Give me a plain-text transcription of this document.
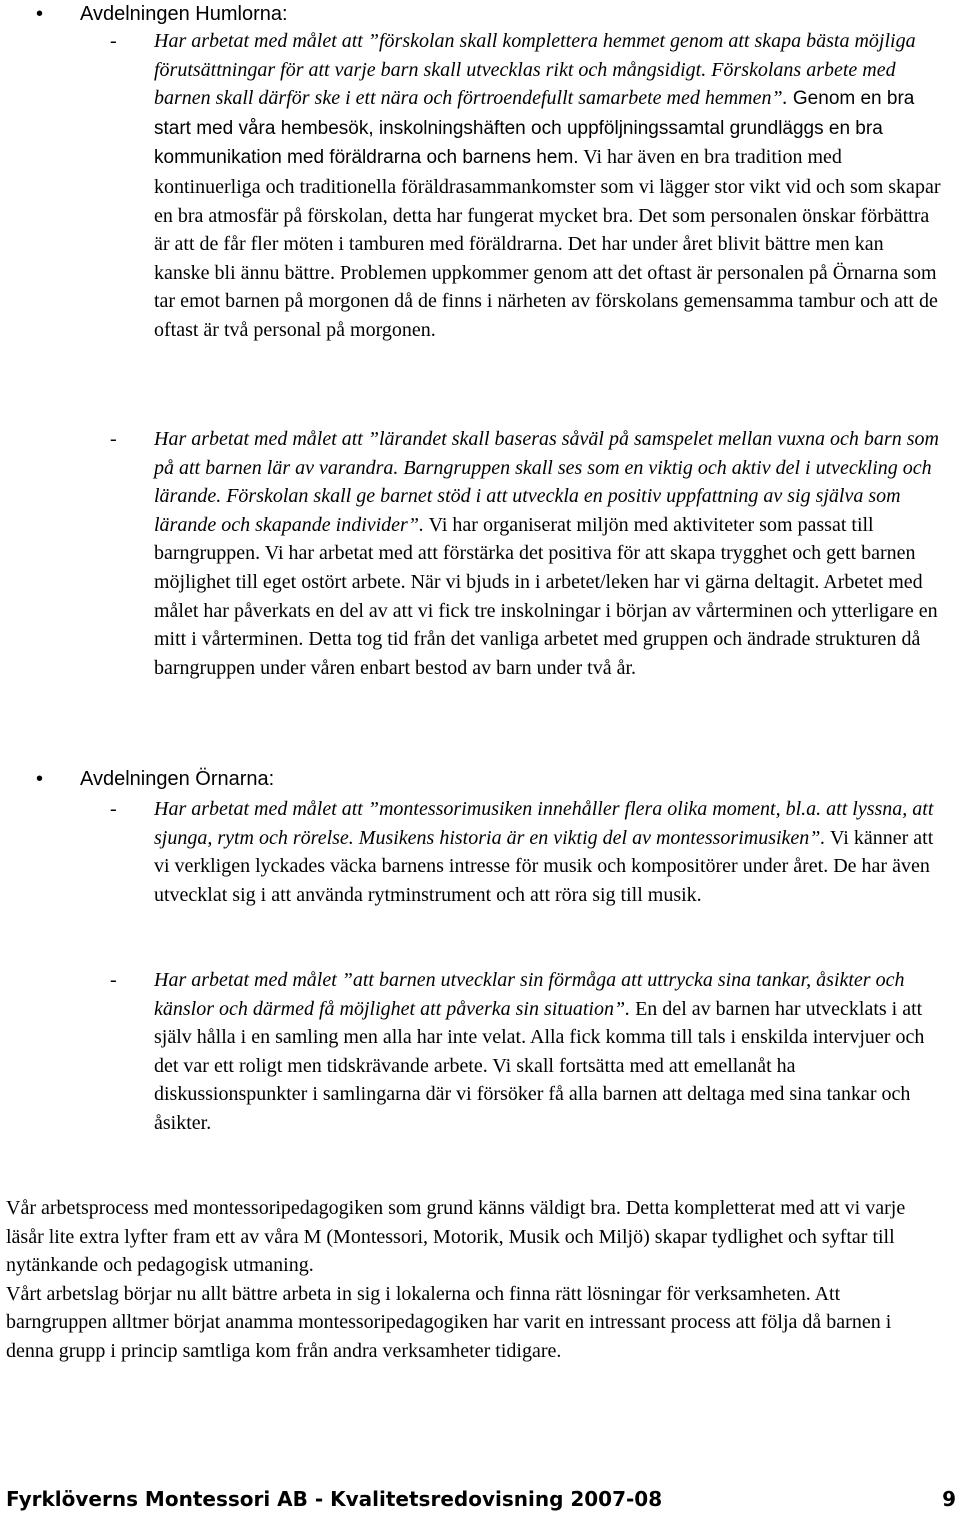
•	Avdelningen Humlorna:
- Har arbetat med målet att ”förskolan skall komplettera hemmet genom att skapa bästa möjliga förutsättningar för att varje barn skall utvecklas rikt och mångsidigt. Förskolans arbete med barnen skall därför ske i ett nära och förtroendefullt samarbete med hemmen”. Genom en bra start med våra hembesök, inskolningshäften och uppföljningssamtal grundläggs en bra kommunikation med föräldrarna och barnens hem. Vi har även en bra tradition med kontinuerliga och traditionella föräldrasammankomster som vi lägger stor vikt vid och som skapar en bra atmosfär på förskolan, detta har fungerat mycket bra. Det som personalen önskar förbättra är att de får fler möten i tamburen med föräldrarna. Det har under året blivit bättre men kan kanske bli ännu bättre. Problemen uppkommer genom att det oftast är personalen på Örnarna som tar emot barnen på morgonen då de finns i närheten av förskolans gemensamma tambur och att de oftast är två personal på morgonen.
- Har arbetat med målet att ”lärandet skall baseras såväl på samspelet mellan vuxna och barn som på att barnen lär av varandra. Barngruppen skall ses som en viktig och aktiv del i utveckling och lärande. Förskolan skall ge barnet stöd i att utveckla en positiv uppfattning av sig själva som lärande och skapande individer”. Vi har organiserat miljön med aktiviteter som passat till barngruppen. Vi har arbetat med att förstärka det positiva för att skapa trygghet och gett barnen möjlighet till eget ostört arbete. När vi bjuds in i arbetet/leken har vi gärna deltagit. Arbetet med målet har påverkats en del av att vi fick tre inskolningar i början av vårterminen och ytterligare en mitt i vårterminen. Detta tog tid från det vanliga arbetet med gruppen och ändrade strukturen då barngruppen under våren enbart bestod av barn under två år.
•	Avdelningen Örnarna:
- Har arbetat med målet att ”montessorimusiken innehåller flera olika moment, bl.a. att lyssna, att sjunga, rytm och rörelse. Musikens historia är en viktig del av montessorimusiken”. Vi känner att vi verkligen lyckades väcka barnens intresse för musik och kompositörer under året. De har även utvecklat sig i att använda rytminstrument och att röra sig till musik.
- Har arbetat med målet ”att barnen utvecklar sin förmåga att uttrycka sina tankar, åsikter och känslor och därmed få möjlighet att påverka sin situation”. En del av barnen har utvecklats i att själv hålla i en samling men alla har inte velat. Alla fick komma till tals i enskilda intervjuer och det var ett roligt men tidskrävande arbete. Vi skall fortsätta med att emellanåt ha diskussionspunkter i samlingarna där vi försöker få alla barnen att deltaga med sina tankar och åsikter.
Vår arbetsprocess med montessoripedagogiken som grund känns väldigt bra. Detta kompletterat med att vi varje läsår lite extra lyfter fram ett av våra M (Montessori, Motorik, Musik och Miljö) skapar tydlighet och syftar till nytänkande och pedagogisk utmaning.
Vårt arbetslag börjar nu allt bättre arbeta in sig i lokalerna och finna rätt lösningar för verksamheten. Att barngruppen alltmer börjat anamma montessoripedagogiken har varit en intressant process att följa då barnen i denna grupp i princip samtliga kom från andra verksamheter tidigare.
Fyrklöverns Montessori AB - Kvalitetsredovisning 2007-08	9
